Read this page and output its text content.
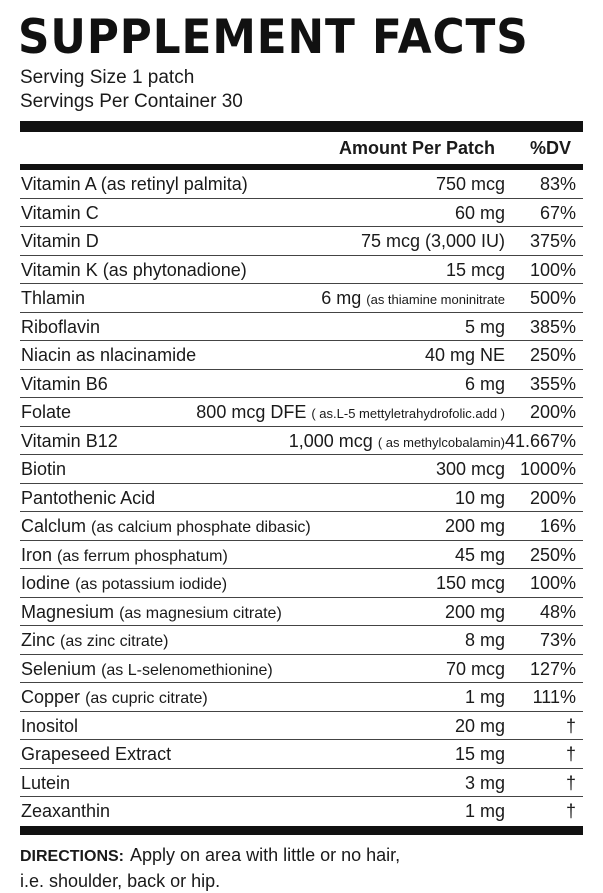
SUPPLEMENT FACTS
Serving Size 1 patch
Servings Per Container 30
Amount Per Patch %DV
Vitamin A (as retinyl palmita)	750 mcg 83%
Vitamin C	60 mg 67%
Vitamin D	75 mcg (3,000 IU) 375%
Vitamin K (as phytonadione)	15 mcg 100%
Thlamin	6 mg (as thiamine moninitrate 500%
Riboflavin	5 mg 385%
Niacin as nlacinamide	40 mg NE 250%
Vitamin B6	6 mg 355%
Folate	800 mcg DFE ( as.L-5 mettyletrahydrofolic.add ) 200%
Vitamin B12	1,000 mcg ( as methylcobalamin) 41.667%
Biotin	300 mcg 1000%
Pantothenic Acid	10 mg 200%
Calclum (as calcium phosphate dibasic)	200 mg 16%
Iron (as ferrum phosphatum)	45 mg 250%
Iodine (as potassium iodide)	150 mcg 100%
Magnesium (as magnesium citrate)	200 mg 48%
Zinc (as zinc citrate)	8 mg 73%
Selenium (as L-selenomethionine)	70 mcg 127%
Copper (as cupric citrate)	1 mg 111%
Inositol	20 mg	†
Grapeseed Extract	15 mg	†
Lutein	3 mg	†
Zeaxanthin	1 mg	†
DIRECTIONS: Apply on area with little or no hair,
i.e. shoulder, back or hip.
